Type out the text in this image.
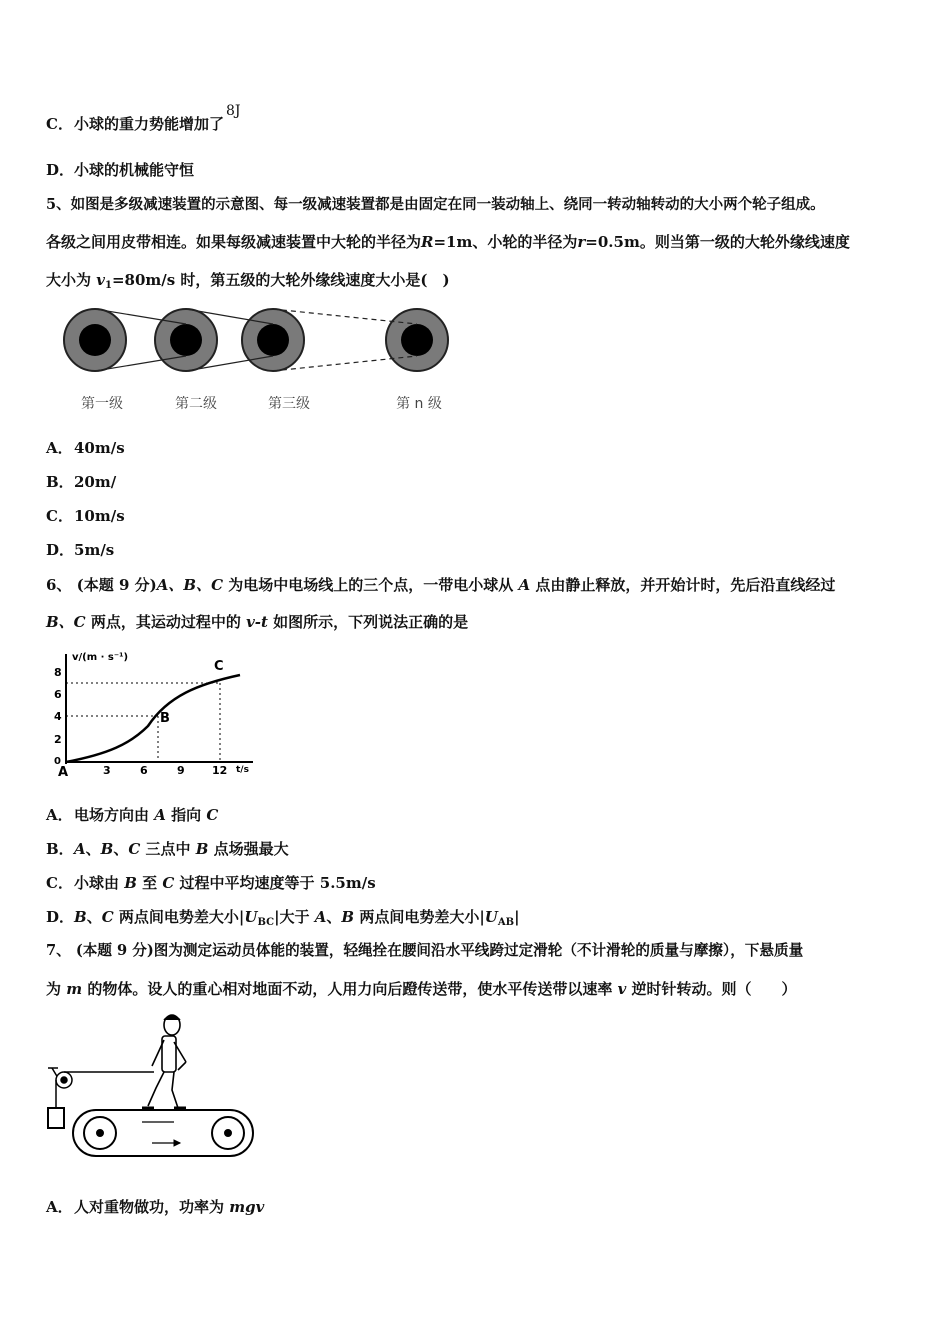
C．小球的重力势能增加了8J
D．小球的机械能守恒
5、如图是多级减速装置的示意图、每一级减速装置都是由固定在同一装动轴上、绕同一转动轴转动的大小两个轮子组成。
各级之间用皮带相连。如果每级减速装置中大轮的半径为R=1m、小轮的半径为r=0.5m。则当第一级的大轮外缘线速度
大小为 $v_1=80m/s$ 时，第五级的大轮外缘线速度大小是(　)
第一级	第二级	第三级	第 n 级
A．40m/s
B．20m/
C．10m/s
D．5m/s
6、 (本题 9 分)A、B、C 为电场中电场线上的三个点，一带电小球从 A 点由静止释放，并开始计时，先后沿直线经过
B、C 两点，其运动过程中的 v-t 如图所示，下列说法正确的是
v/(m · s⁻¹)
t/s
8
6
4
2
0
3	6	9 12
A
B
C
A．电场方向由 A 指向 C
B．A、B、C 三点中 B 点场强最大
C．小球由 B 至 C 过程中平均速度等于 5.5m/s
D．B、C 两点间电势差大小$|U_{BC}|$大于 A、B 两点间电势差大小$|U_{AB}|$
7、 (本题 9 分)图为测定运动员体能的装置，轻绳拴在腰间沿水平线跨过定滑轮（不计滑轮的质量与摩擦），下悬质量
为 m 的物体。设人的重心相对地面不动，人用力向后蹬传送带，使水平传送带以速率 v 逆时针转动。则（　　）
A．人对重物做功，功率为 mgv
